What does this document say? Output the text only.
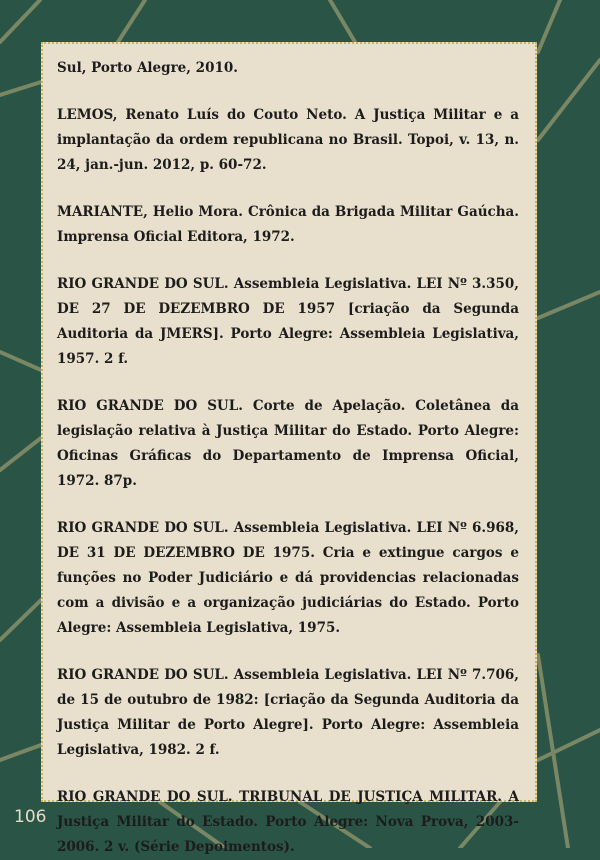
Sul, Porto Alegre, 2010.

LEMOS, Renato Luís do Couto Neto. A Justiça Militar e a implantação da ordem republicana no Brasil. Topoi, v. 13, n. 24, jan.-jun. 2012, p. 60-72.

MARIANTE, Helio Mora. Crônica da Brigada Militar Gaúcha. Imprensa Oficial Editora, 1972.

RIO GRANDE DO SUL. Assembleia Legislativa. LEI Nº 3.350, DE 27 DE DEZEMBRO DE 1957 [criação da Segunda Auditoria da JMERS]. Porto Alegre: Assembleia Legislativa, 1957. 2 f.

RIO GRANDE DO SUL. Corte de Apelação. Coletânea da legislação relativa à Justiça Militar do Estado. Porto Alegre: Oficinas Gráficas do Departamento de Imprensa Oficial, 1972. 87p.

RIO GRANDE DO SUL. Assembleia Legislativa. LEI Nº 6.968, DE 31 DE DEZEMBRO DE 1975. Cria e extingue cargos e funções no Poder Judiciário e dá providencias relacionadas com a divisão e a organização judiciárias do Estado. Porto Alegre: Assembleia Legislativa, 1975.

RIO GRANDE DO SUL. Assembleia Legislativa. LEI Nº 7.706, de 15 de outubro de 1982: [criação da Segunda Auditoria da Justiça Militar de Porto Alegre]. Porto Alegre: Assembleia Legislativa, 1982. 2 f.

RIO GRANDE DO SUL. TRIBUNAL DE JUSTIÇA MILITAR. A Justiça Militar do Estado. Porto Alegre: Nova Prova, 2003-2006. 2 v. (Série Depoimentos).

106
